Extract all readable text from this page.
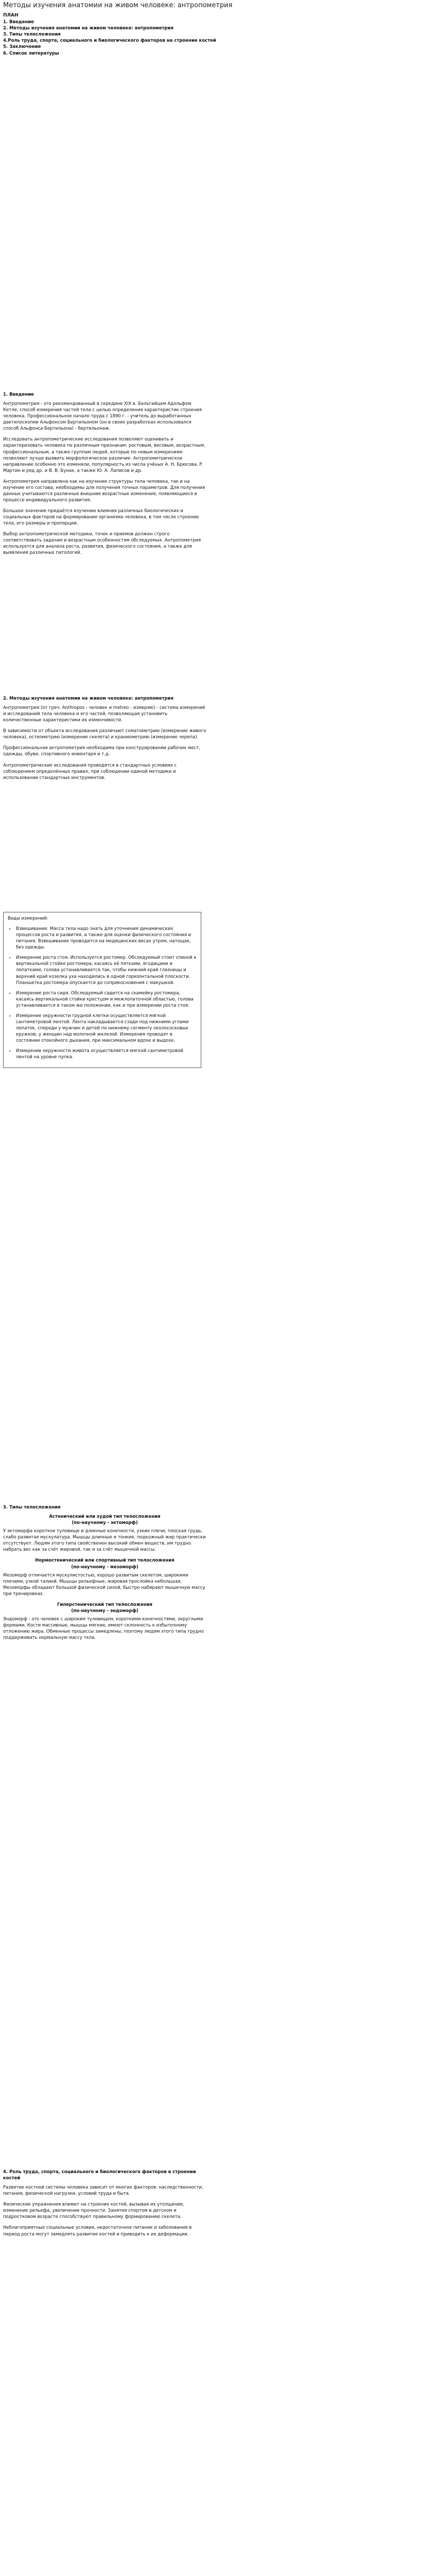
Методы изучения анатомии на живом человеке: антропометрия
ПЛАН
1. Введение
2. Методы изучения анатомии на живом человеке: антропометрия
3. Типы телосложения
4.Роль труда, спорта, социального и биологического факторов на строение костей
5. Заключение
6. Список литературы
1. Введение

Антропометрия - это рекомендованный в середине XIX в. Бельгийцем Адольфом Кетле, способ измерения частей тела с целью определения характеристик строения человека. Профессиональное начало труда с 1890 г. - учитель до выработанных дактилоскопии Альфонсом Бертильоном (он в своих разработках использовался способ Альфонса Бертильона) - бертильонаж.

Исследовать антропометрические исследования позволяют оценивать и характеризовать человека по различным признакам: ростовым, весовым, возрастным, профессиональным, а также группам людей, которые по новым измерениям позволяют лучше выявить морфологическое различие. Антропометрическое направление особенно это изменяли, популярность из числа учёных А. Н. Брюсова, Р. Мартин и ряд др. и В. В. Бунак, а также Ю. А. Лаписов и др.

Антропометрия направлена как на изучение структуры тела человека, так и на изучение его состава, необходимы для получения точных параметров. Для получения данных учитываются различные внешние возрастные изменения, появляющиеся в процессе индивидуального развития.

Большое значение придаётся изучению влияния различных биологических и социальных факторов на формирование организма человека, в том числе строение тела, его размеры и пропорции.

Выбор антропометрической методики, точек и приемов должен строго соответствовать задачам и возрастным особенностям обследуемых. Антропометрия используется для анализа роста, развития, физического состояния, а также для выявления различных патологий.

2. Методы изучения анатомии на живом человеке: антропометрия

Антропометрия (от греч. Anthropos - человек и metreo - измеряю) - система измерений и исследований тела человека и его частей, позволяющая установить количественные характеристики их изменчивости.

В зависимости от объекта исследования различают соматометрию (измерение живого человека), остеометрию (измерение скелета) и краниометрию (измерение черепа).

Профессиональная антропометрия необходима при конструировании рабочих мест, одежды, обуви, спортивного инвентаря и т.д.

Антропометрические исследования проводятся в стандартных условиях с соблюдением определённых правил, при соблюдении единой методики и использовании стандартных инструментов.

Виды измерений:
• Взвешивание. Масса тела надо знать для уточнения динамических процессов роста и развития, а также для оценки физического состояния и питания. Взвешивание проводится на медицинских весах утром, натощак, без одежды.
• Измерение роста стоя. Используется ростомер. Обследуемый стоит спиной к вертикальной стойке ростомера, касаясь её пятками, ягодицами и лопатками, голова устанавливается так, чтобы нижний край глазницы и верхний край козелка уха находились в одной горизонтальной плоскости. Планшетка ростомера опускается до соприкосновения с макушкой.
• Измерение роста сидя. Обследуемый садится на скамейку ростомера, касаясь вертикальной стойки крестцом и межлопаточной областью, голова устанавливается в таком же положении, как и при измерении роста стоя.
• Измерение окружности грудной клетки осуществляется мягкой сантиметровой лентой. Лента накладывается сзади под нижними углами лопаток, спереди у мужчин и детей по нижнему сегменту околососковых кружков, у женщин над молочной железой. Измерения проводят в состоянии спокойного дыхания, при максимальном вдохе и выдохе.
• Измерение окружности живота осуществляется мягкой сантиметровой лентой на уровне пупка.
3. Типы телосложения
Астенический или худой тип телосложения
(по-научному - эктоморф)

У эктоморфа короткое туловище и длинные конечности, узкие плечи, плоская грудь, слабо развитая мускулатура. Мышцы длинные и тонкие, подкожный жир практически отсутствует. Людям этого типа свойственен высокий обмен веществ, им трудно набрать вес как за счёт жировой, так и за счёт мышечной массы.

Нормостенический или спортивный тип телосложения
(по-научному - мезоморф)

Мезоморф отличается мускулистостью, хорошо развитым скелетом, широкими плечами, узкой талией. Мышцы рельефные, жировая прослойка небольшая. Мезоморфы обладают большой физической силой, быстро набирают мышечную массу при тренировках.

Гиперстенический тип телосложения
(по-научному - эндоморф)

Эндоморф - это человек с широким туловищем, короткими конечностями, округлыми формами. Кости массивные, мышцы мягкие, имеют склонность к избыточному отложению жира. Обменные процессы замедлены, поэтому людям этого типа трудно поддерживать нормальную массу тела.

4. Роль труда, спорта, социального и биологического факторов в строении костей

Развитие костной системы человека зависит от многих факторов: наследственности, питания, физической нагрузки, условий труда и быта.

Физические упражнения влияют на строение костей, вызывая их утолщение, изменение рельефа, увеличение прочности. Занятия спортом в детском и подростковом возрасте способствуют правильному формированию скелета.

Неблагоприятные социальные условия, недостаточное питание и заболевания в период роста могут замедлять развитие костей и приводить к их деформации.
